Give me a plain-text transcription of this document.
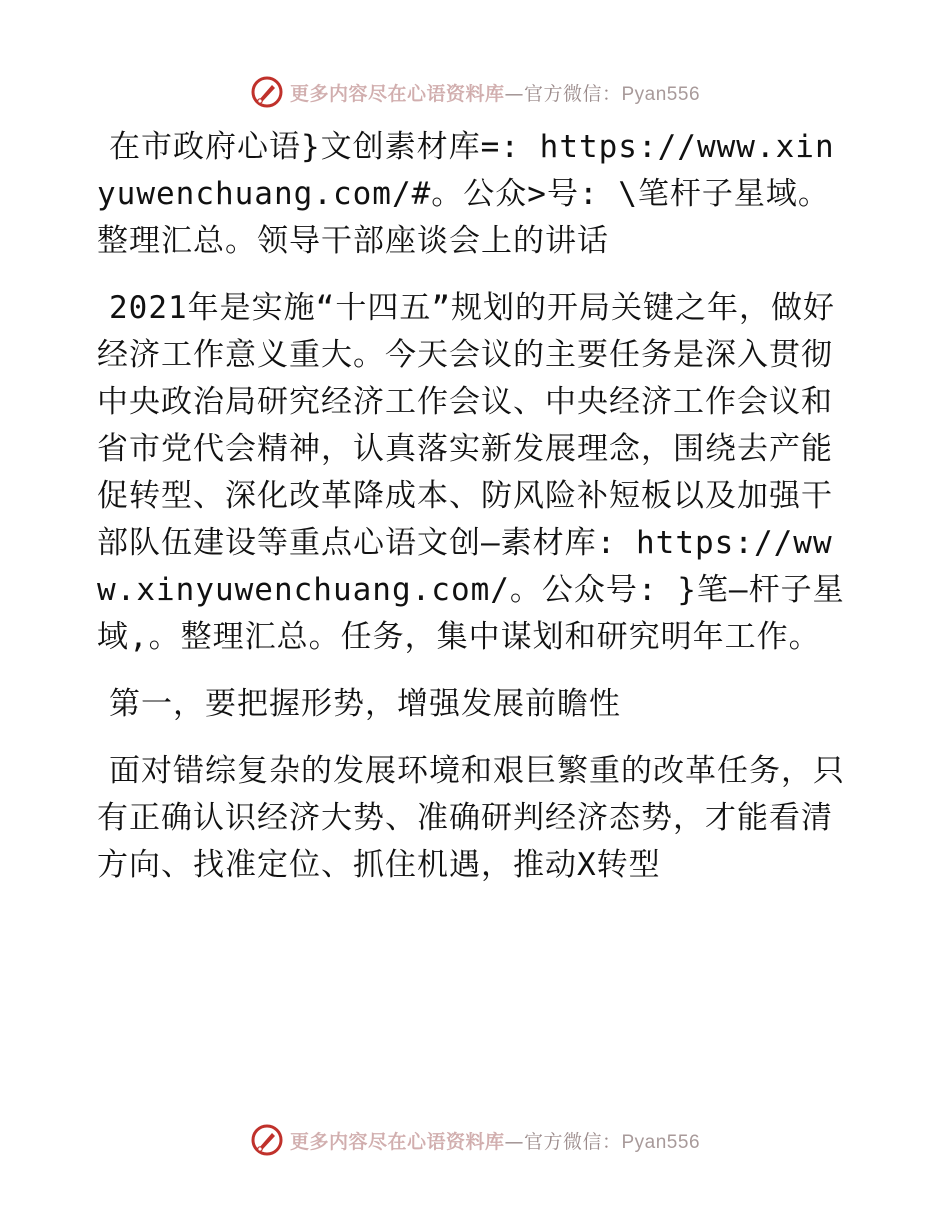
更多内容尽在心语资料库—官方微信：Pyan556

在市政府心语}文创素材库=: https://www.xinyuwenchuang.com/#。公众>号: \笔杆子星域。整理汇总。领导干部座谈会上的讲话

2021年是实施“十四五”规划的开局关键之年，做好经济工作意义重大。今天会议的主要任务是深入贯彻中央政治局研究经济工作会议、中央经济工作会议和省市党代会精神，认真落实新发展理念，围绕去产能促转型、深化改革降成本、防风险补短板以及加强干部队伍建设等重点心语文创—素材库: https://www.xinyuwenchuang.com/。公众号: }笔—杆子星域,。整理汇总。任务，集中谋划和研究明年工作。

第一，要把握形势，增强发展前瞻性

面对错综复杂的发展环境和艰巨繁重的改革任务，只有正确认识经济大势、准确研判经济态势，才能看清方向、找准定位、抓住机遇，推动X转型

更多内容尽在心语资料库—官方微信：Pyan556
